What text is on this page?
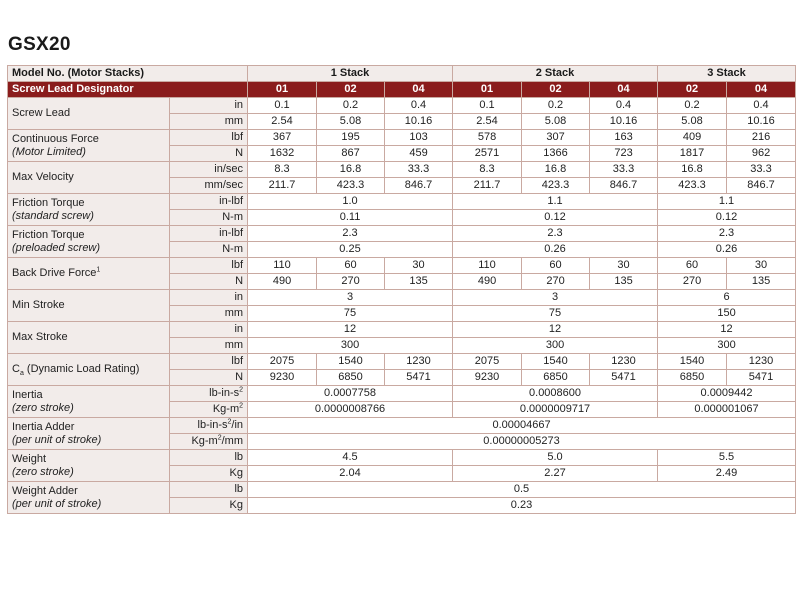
GSX20
Model No. (Motor Stacks)		1 Stack			2 Stack			3 Stack	
Screw Lead Designator		01	02	04	01	02	04	02	04
Screw Lead	in	0.1	0.2	0.4	0.1	0.2	0.4	0.2	0.4
	mm	2.54	5.08	10.16	2.54	5.08	10.16	5.08	10.16
Continuous Force
(Motor Limited)	lbf	367	195	103	578	307	163	409	216
	N	1632	867	459	2571	1366	723	1817	962
Max Velocity	in/sec	8.3	16.8	33.3	8.3	16.8	33.3	16.8	33.3
	mm/sec	211.7	423.3	846.7	211.7	423.3	846.7	423.3	846.7
Friction Torque
(standard screw)	in-lbf	1.0			1.1			1.1	
	N-m	0.11			0.12			0.12	
Friction Torque
(preloaded screw)	in-lbf	2.3			2.3			2.3	
	N-m	0.25			0.26			0.26	
Back Drive Force$^1$	lbf	110	60	30	110	60	30	60	30
	N	490	270	135	490	270	135	270	135
Min Stroke	in	3			3			6	
	mm	75			75			150	
Max Stroke	in	12			12			12	
	mm	300			300			300	
$C_a$ (Dynamic Load Rating)	lbf	2075	1540	1230	2075	1540	1230	1540	1230
	N	9230	6850	5471	9230	6850	5471	6850	5471
Inertia
(zero stroke)	$lb-in-s^2$	0.0007758			0.0008600			0.0009442	
	$Kg-m^2$	0.0000008766			0.0000009717			0.000001067	
Inertia Adder
(per unit of stroke)	$lb-in-s^2/in$	0.00004667							
	$Kg-m^2/mm$	0.00000005273							
Weight
(zero stroke)	lb	4.5			5.0			5.5	
	Kg	2.04			2.27			2.49	
Weight Adder
(per unit of stroke)	lb	0.5							
	Kg	0.23							
